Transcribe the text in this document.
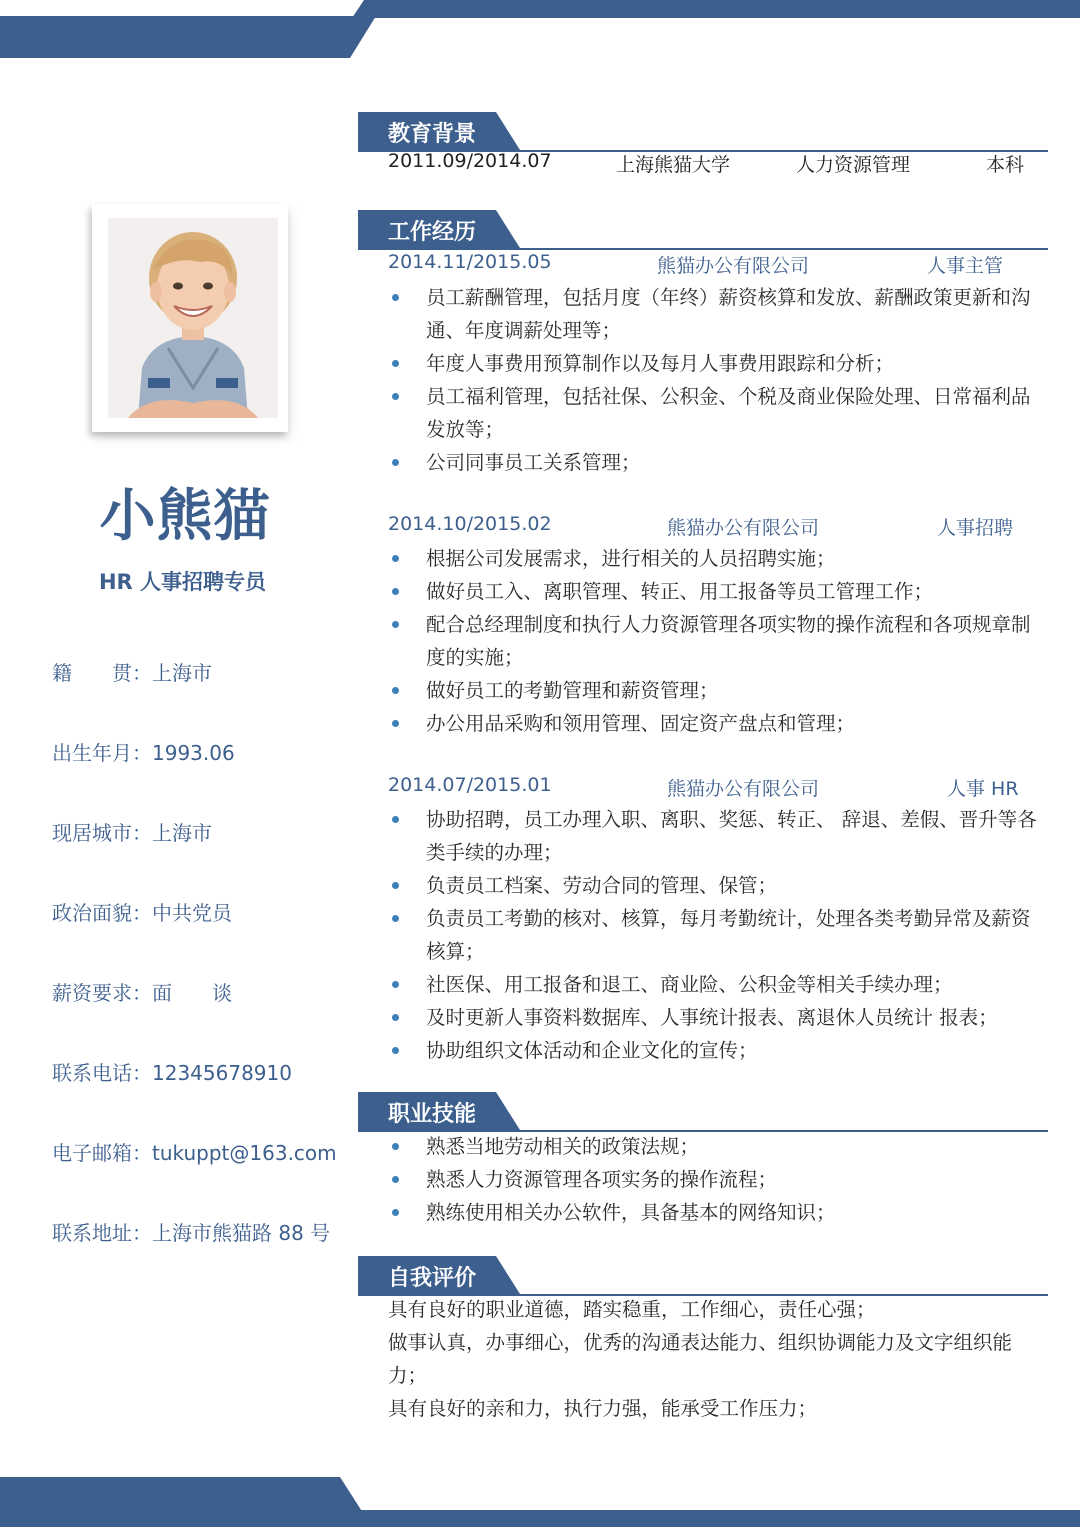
小熊猫
HR 人事招聘专员
籍　　贯：上海市
出生年月：1993.06
现居城市：上海市
政治面貌：中共党员
薪资要求：面　　谈
联系电话：12345678910
电子邮箱：tukuppt@163.com
联系地址：上海市熊猫路 88 号
教育背景
2011.09/2014.07	上海熊猫大学	人力资源管理	本科
工作经历
2014.11/2015.05	熊猫办公有限公司	人事主管
员工薪酬管理，包括月度（年终）薪资核算和发放、薪酬政策更新和沟通、年度调薪处理等；
年度人事费用预算制作以及每月人事费用跟踪和分析；
员工福利管理，包括社保、公积金、个税及商业保险处理、日常福利品发放等；
公司同事员工关系管理；
2014.10/2015.02	熊猫办公有限公司	人事招聘
根据公司发展需求，进行相关的人员招聘实施；
做好员工入、离职管理、转正、用工报备等员工管理工作；
配合总经理制度和执行人力资源管理各项实物的操作流程和各项规章制度的实施；
做好员工的考勤管理和薪资管理；
办公用品采购和领用管理、固定资产盘点和管理；
2014.07/2015.01	熊猫办公有限公司	人事 HR
协助招聘，员工办理入职、离职、奖惩、转正、 辞退、差假、晋升等各类手续的办理；
负责员工档案、劳动合同的管理、保管；
负责员工考勤的核对、核算，每月考勤统计，处理各类考勤异常及薪资核算；
社医保、用工报备和退工、商业险、公积金等相关手续办理；
及时更新人事资料数据库、人事统计报表、离退休人员统计 报表；
协助组织文体活动和企业文化的宣传；
职业技能
熟悉当地劳动相关的政策法规；
熟悉人力资源管理各项实务的操作流程；
熟练使用相关办公软件，具备基本的网络知识；
自我评价
具有良好的职业道德，踏实稳重，工作细心，责任心强；
做事认真，办事细心，优秀的沟通表达能力、组织协调能力及文字组织能力；
具有良好的亲和力，执行力强，能承受工作压力；
